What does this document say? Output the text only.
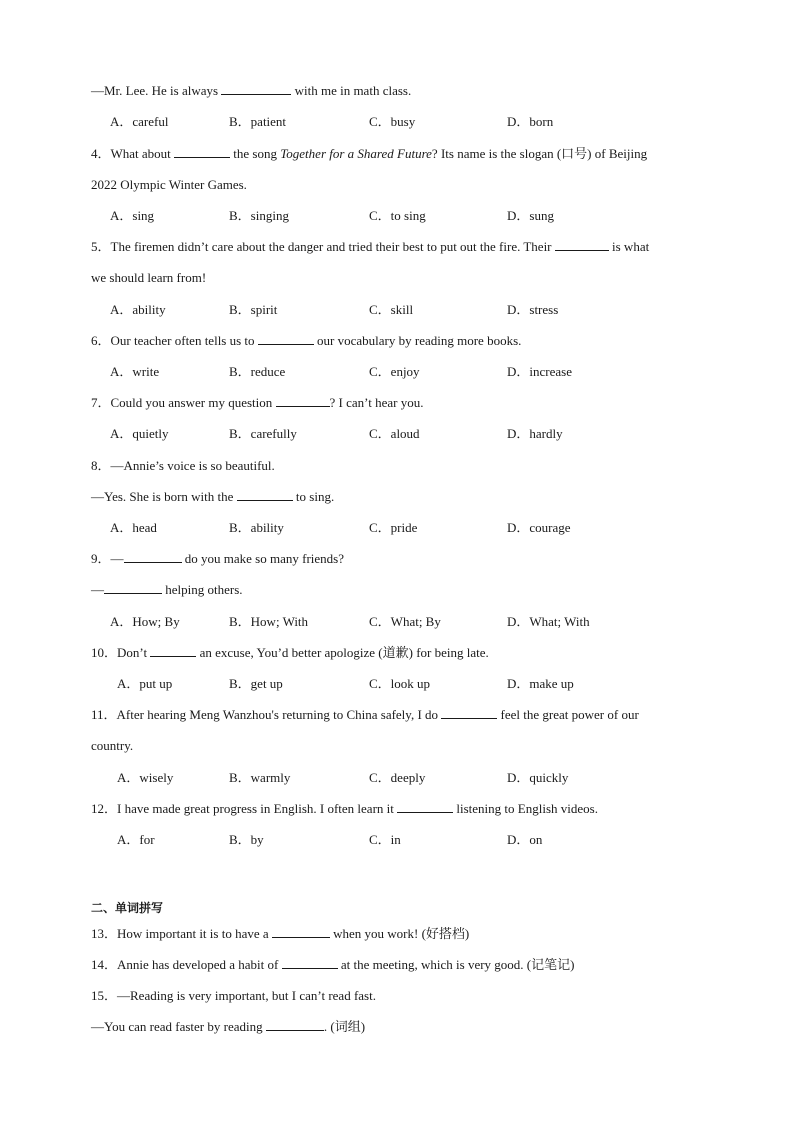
—Mr. Lee. He is always	with me in math class.
A．careful	B．patient	C．busy	D．born
4．What about	the song Together for a Shared Future? Its name is the slogan (口号) of Beijing
2022 Olympic Winter Games.
A．sing	B．singing	C．to sing	D．sung
5．The firemen didn’t care about the danger and tried their best to put out the fire. Their	is what
we should learn from!
A．ability	B．spirit	C．skill	D．stress
6．Our teacher often tells us to	our vocabulary by reading more books.
A．write	B．reduce	C．enjoy	D．increase
7．Could you answer my question	? I can’t hear you.
A．quietly	B．carefully	C．aloud	D．hardly
8．—Annie’s voice is so beautiful.
—Yes. She is born with the	to sing.
A．head	B．ability	C．pride	D．courage
9．—	do you make so many friends?
—	helping others.
A．How; By	B．How; With	C．What; By	D．What; With
10．Don’t	an excuse, You’d better apologize (道歉) for being late.
A．put up	B．get up	C．look up	D．make up
11．After hearing Meng Wanzhou's returning to China safely, I do	feel the great power of our
country.
A．wisely	B．warmly	C．deeply	D．quickly
12．I have made great progress in English. I often learn it	listening to English videos.
A．for	B．by	C．in	D．on
二、单词拼写
13．How important it is to have a	when you work! (好搭档)
14．Annie has developed a habit of	at the meeting, which is very good. (记笔记)
15．—Reading is very important, but I can’t read fast.
—You can read faster by reading	. (词组)
